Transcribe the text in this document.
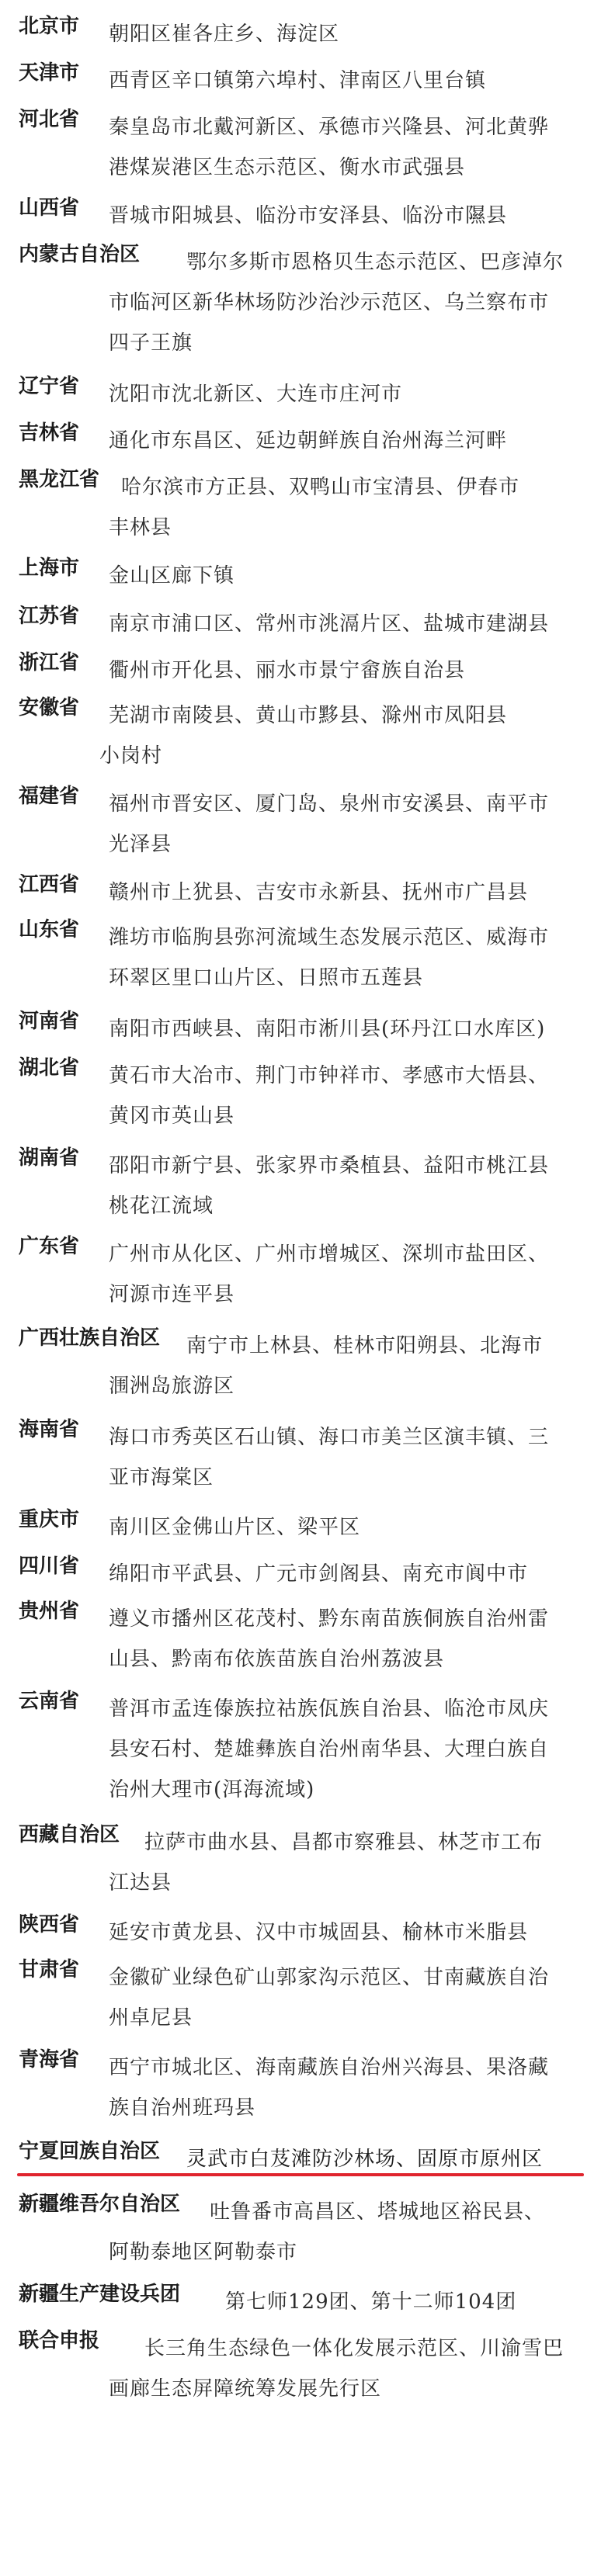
北京市 朝阳区崔各庄乡、海淀区
天津市 西青区辛口镇第六埠村、津南区八里台镇
河北省 秦皇岛市北戴河新区、承德市兴隆县、河北黄骅
港煤炭港区生态示范区、衡水市武强县
山西省 晋城市阳城县、临汾市安泽县、临汾市隰县
内蒙古自治区	鄂尔多斯市恩格贝生态示范区、巴彦淖尔
市临河区新华林场防沙治沙示范区、乌兰察布市
四子王旗
辽宁省 沈阳市沈北新区、大连市庄河市
吉林省 通化市东昌区、延边朝鲜族自治州海兰河畔
黑龙江省	哈尔滨市方正县、双鸭山市宝清县、伊春市
丰林县
上海市 金山区廊下镇
江苏省 南京市浦口区、常州市洮滆片区、盐城市建湖县
浙江省 衢州市开化县、丽水市景宁畲族自治县
安徽省 芜湖市南陵县、黄山市黟县、滁州市凤阳县
小岗村
福建省 福州市晋安区、厦门岛、泉州市安溪县、南平市
光泽县
江西省 赣州市上犹县、吉安市永新县、抚州市广昌县
山东省 潍坊市临朐县弥河流域生态发展示范区、威海市
环翠区里口山片区、日照市五莲县
河南省 南阳市西峡县、南阳市淅川县(环丹江口水库区)
湖北省 黄石市大冶市、荆门市钟祥市、孝感市大悟县、
黄冈市英山县
湖南省 邵阳市新宁县、张家界市桑植县、益阳市桃江县
桃花江流域
广东省 广州市从化区、广州市增城区、深圳市盐田区、
河源市连平县
广西壮族自治区	南宁市上林县、桂林市阳朔县、北海市
涠洲岛旅游区
海南省 海口市秀英区石山镇、海口市美兰区演丰镇、三
亚市海棠区
重庆市 南川区金佛山片区、梁平区
四川省 绵阳市平武县、广元市剑阁县、南充市阆中市
贵州省 遵义市播州区花茂村、黔东南苗族侗族自治州雷
山县、黔南布依族苗族自治州荔波县
云南省 普洱市孟连傣族拉祜族佤族自治县、临沧市凤庆
县安石村、楚雄彝族自治州南华县、大理白族自
治州大理市(洱海流域)
西藏自治区	拉萨市曲水县、昌都市察雅县、林芝市工布
江达县
陕西省 延安市黄龙县、汉中市城固县、榆林市米脂县
甘肃省 金徽矿业绿色矿山郭家沟示范区、甘南藏族自治
州卓尼县
青海省 西宁市城北区、海南藏族自治州兴海县、果洛藏
族自治州班玛县
宁夏回族自治区 灵武市白芨滩防沙林场、固原市原州区
新疆维吾尔自治区	吐鲁番市高昌区、塔城地区裕民县、
阿勒泰地区阿勒泰市
新疆生产建设兵团 第七师129团、第十二师104团
联合申报	长三角生态绿色一体化发展示范区、川渝雪巴
画廊生态屏障统筹发展先行区
